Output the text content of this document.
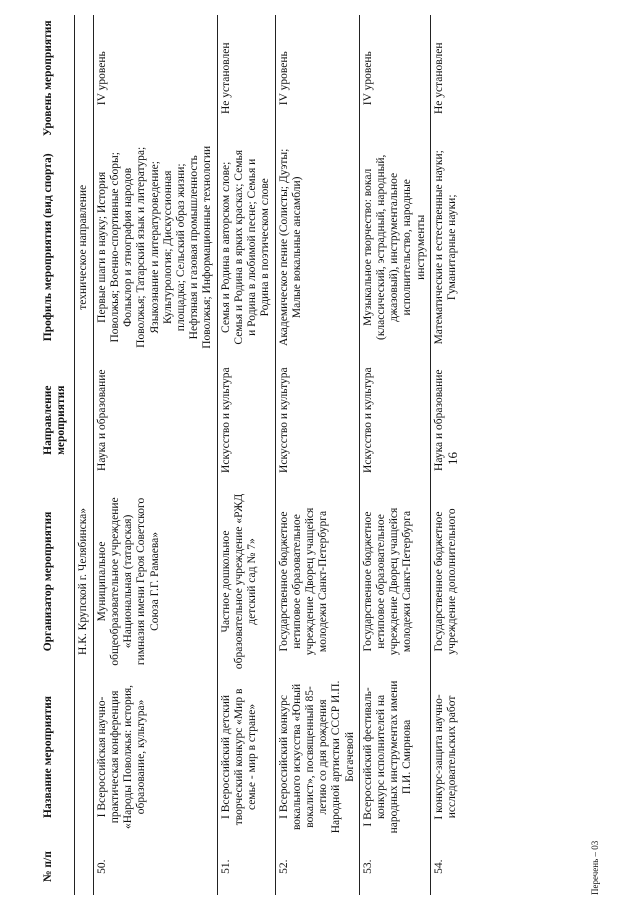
16
№ п/п	Название мероприятия	Организатор мероприятия	Направление мероприятия	Профиль мероприятия (вид спорта)	Уровень мероприятия
		Н.К. Крупской г. Челябинска»		техническое направление	
50.	I Всероссийская научно-практическая конференция «Народы Поволжья: история, образование, культура»	Муниципальное общеобразовательное учреждение «Национальная (татарская) гимназия имени Героя Советского Союза Г.Г. Рамаева»	Наука и образование	Первые шаги в науку; История Поволжья; Военно-спортивные сборы; Фольклор и этнография народов Поволжья; Татарский язык и литература; Языкознание и литературоведение; Культурология; Дискуссионная площадка; Сельский образ жизни; Нефтяная и газовая промышленность Поволжья; Информационные технологии	IV уровень
51.	I Всероссийский детский творческий конкурс «Мир в семье - мир в стране»	Частное дошкольное образовательное учреждение «РЖД детский сад № 7»	Искусство и культура	Семья и Родина в авторском слове; Семья и Родина в ярких красках; Семья и Родина в любимой песне; Семья и Родина в поэтическом слове	Не установлен
52.	I Всероссийский конкурс вокального искусства «Юный вокалист», посвященный 85-летию со дня рождения Народной артистки СССР И.П. Богачевой	Государственное бюджетное нетиповое образовательное учреждение Дворец учащейся молодежи Санкт-Петербурга	Искусство и культура	Академическое пение (Солисты; Дуэты; Малые вокальные ансамбли)	IV уровень
53.	I Всероссийский фестиваль-конкурс исполнителей на народных инструментах имени П.И. Смирнова	Государственное бюджетное нетиповое образовательное учреждение Дворец учащейся молодежи Санкт-Петербурга	Искусство и культура	Музыкальное творчество: вокал (классический, эстрадный, народный, джазовый), инструментальное исполнительство, народные инструменты	IV уровень
54.	I конкурс-защита научно-исследовательских работ	Государственное бюджетное учреждение дополнительного	Наука и образование	Математические и естественные науки; Гуманитарные науки;	Не установлен
Перечень – 03
